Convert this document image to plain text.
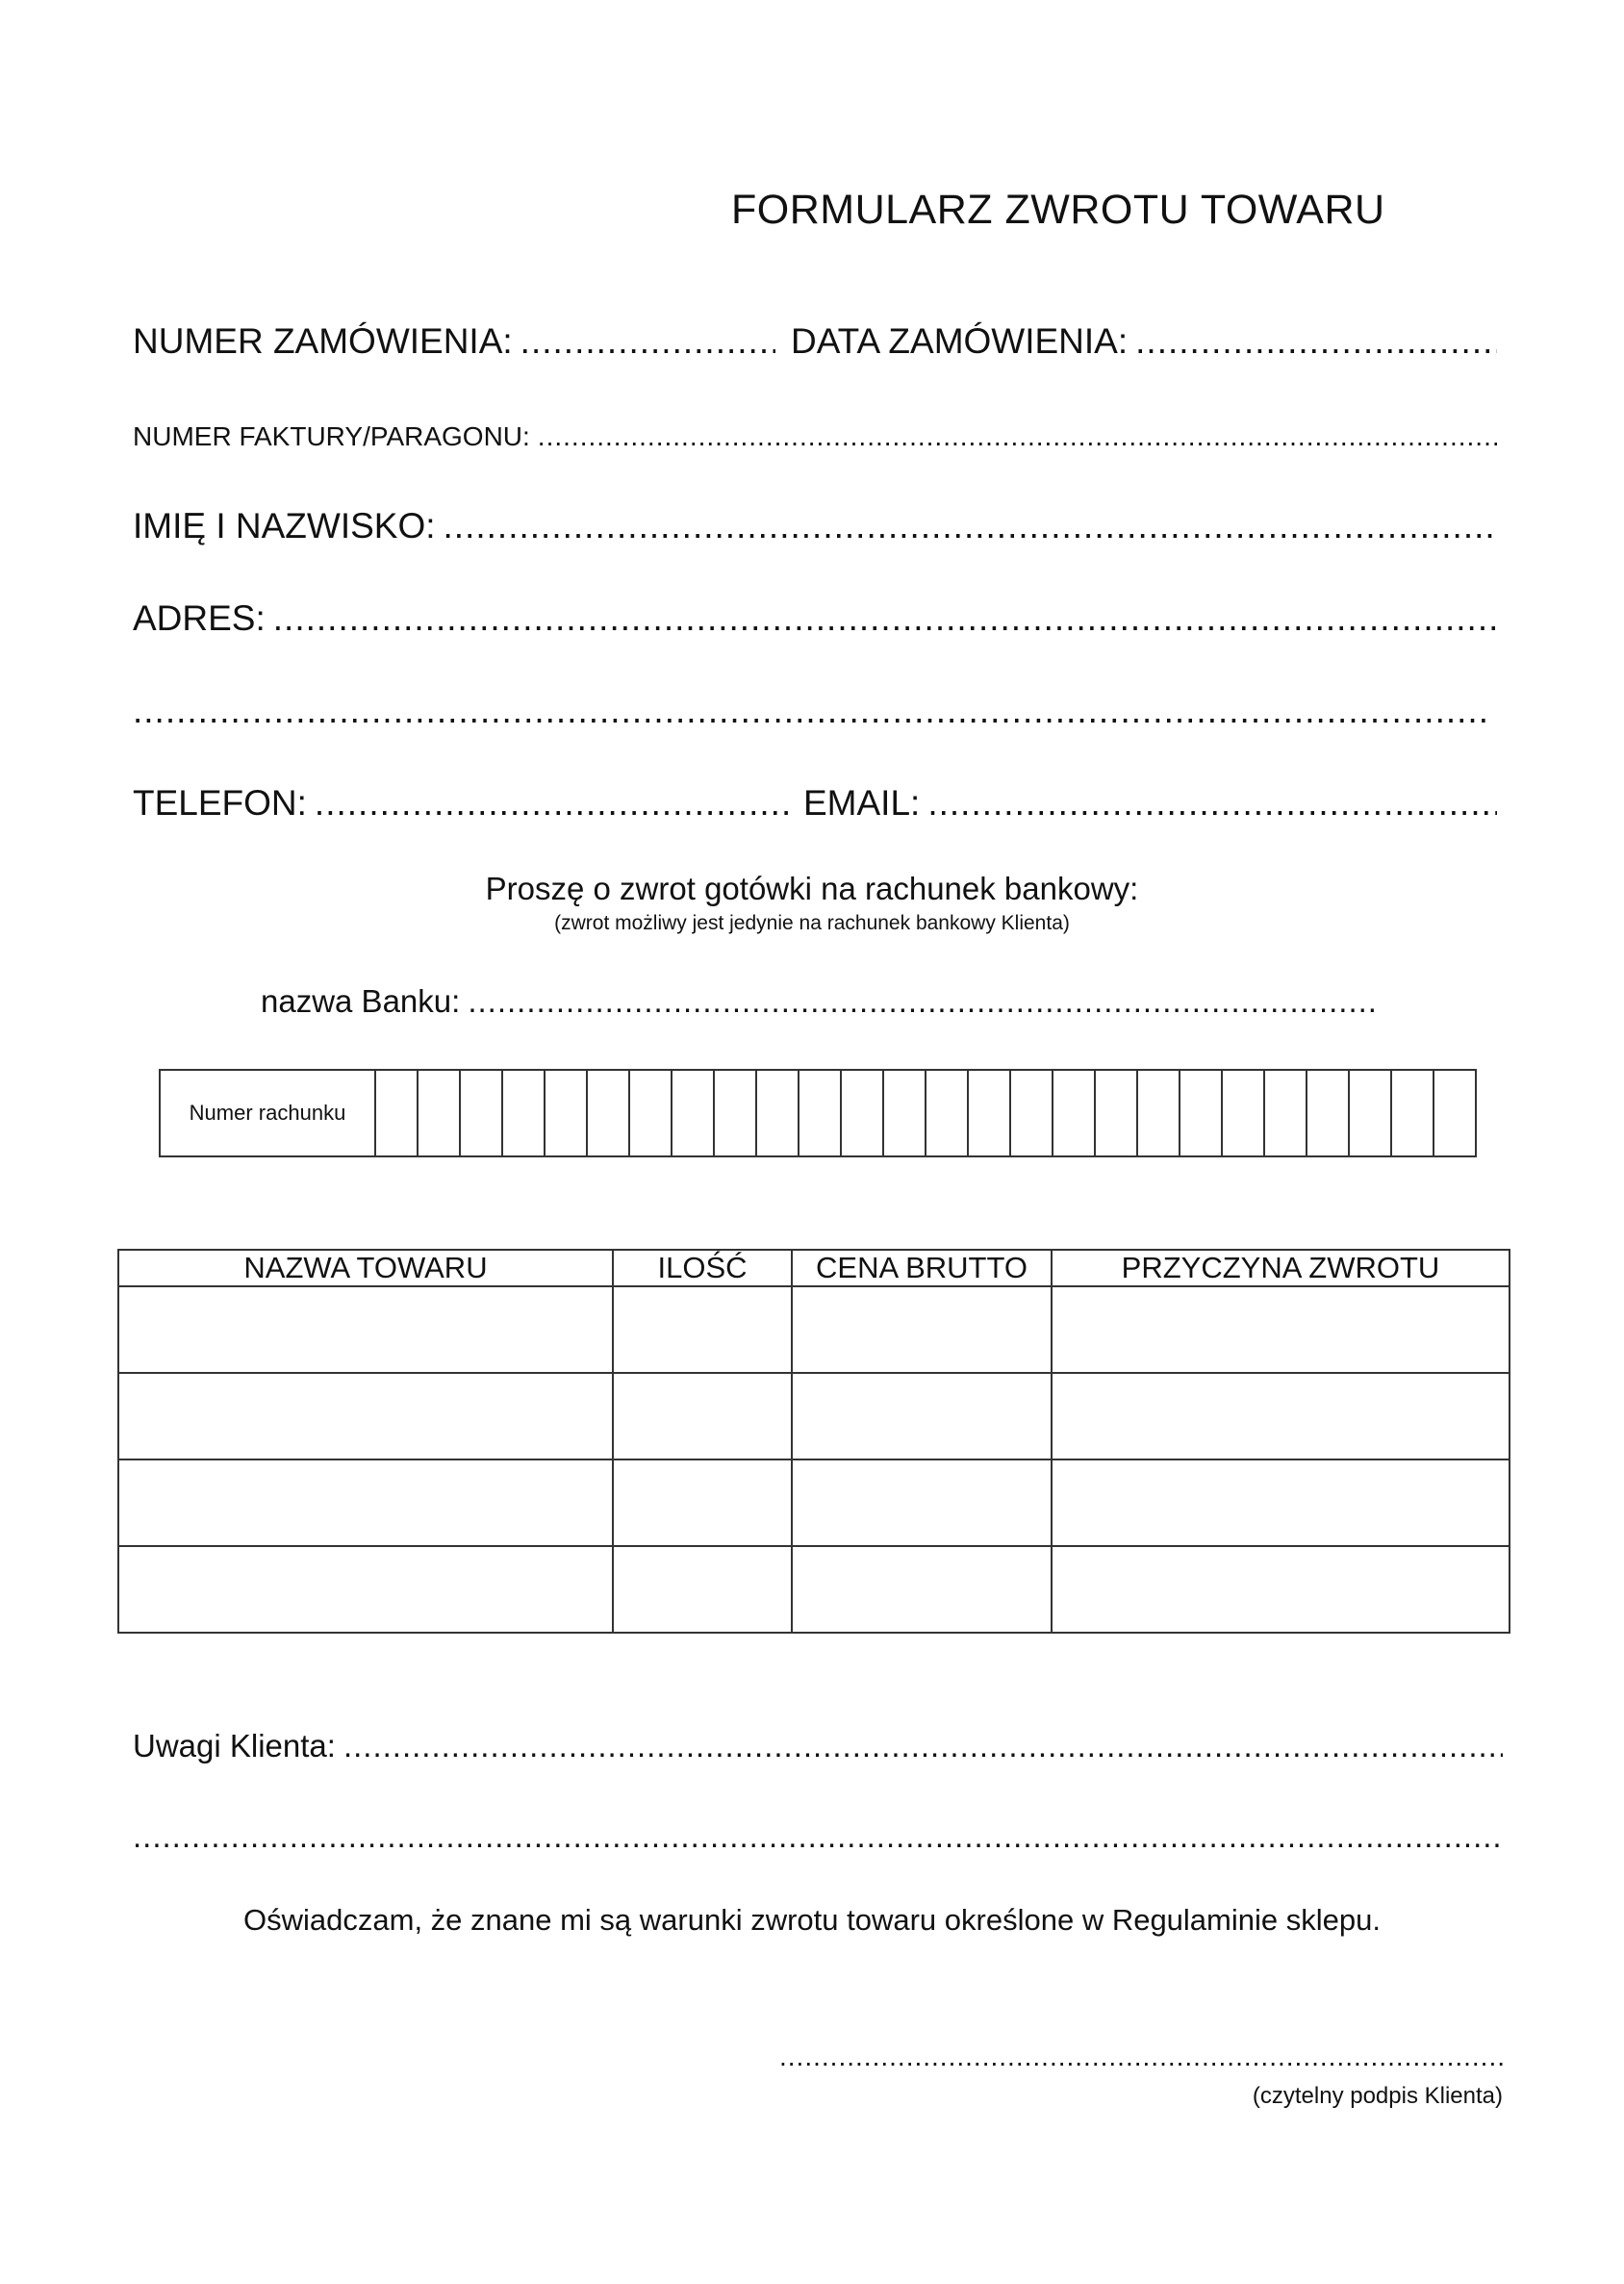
FORMULARZ ZWROTU TOWARU
NUMER ZAMÓWIENIA: .....	DATA ZAMÓWIENIA:
.....
NUMER FAKTURY/PARAGONU:
.....
IMIĘ I NAZWISKO:
.....
ADRES:
.....
.....
TELEFON: .....	EMAIL:
.....
Proszę o zwrot gotówki na rachunek bankowy:
(zwrot możliwy jest jedynie na rachunek bankowy Klienta)
nazwa Banku:
.....
Numer rachunku
NAZWA TOWARU	ILOŚĆ	CENA BRUTTO	PRZYCZYNA ZWROTU

Uwagi Klienta:
.....
.....
Oświadczam, że znane mi są warunki zwrotu towaru określone w Regulaminie sklepu.
.....
(czytelny podpis Klienta)
